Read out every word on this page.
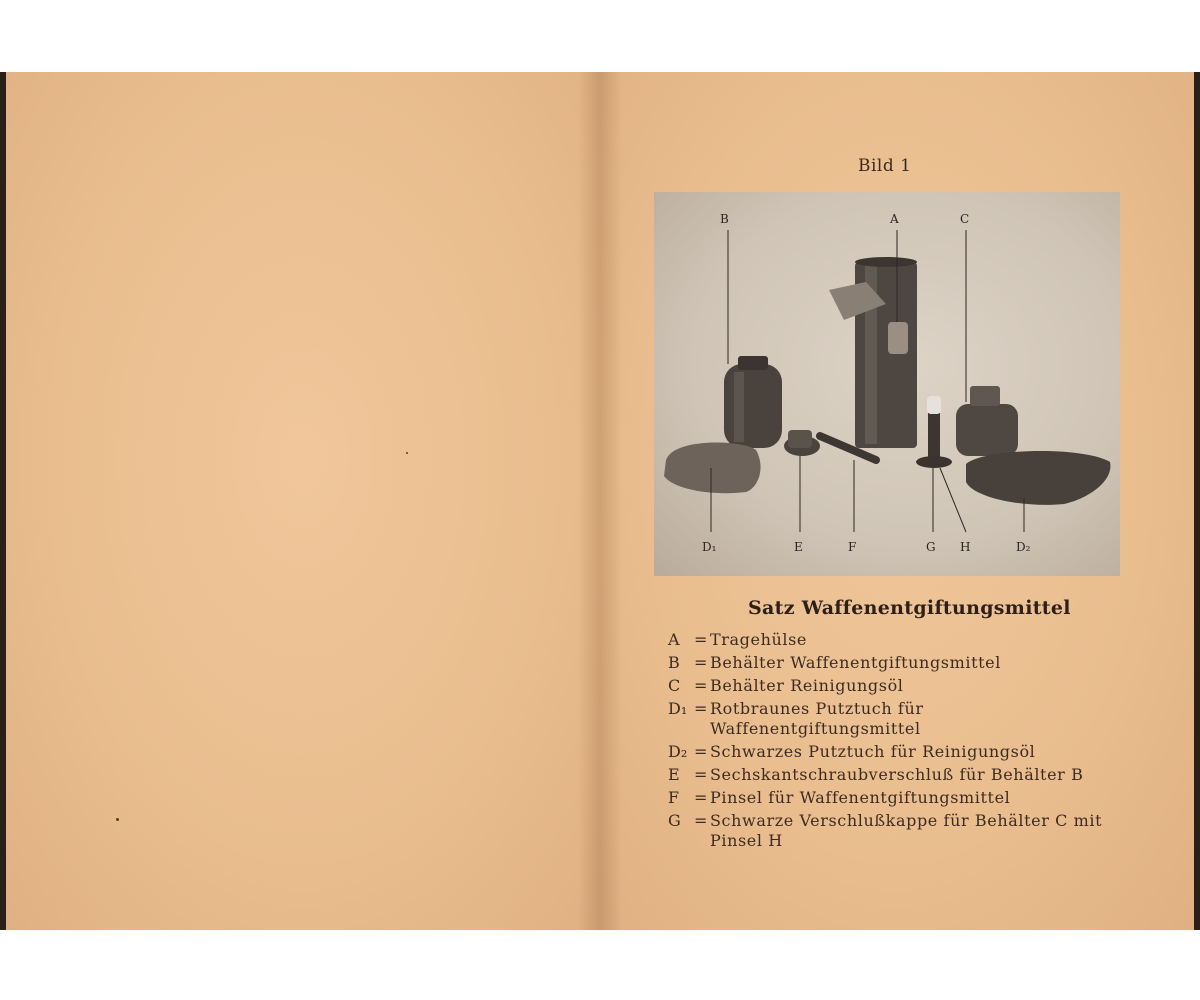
Bild 1
B	A	C
D₁	E	F	G H	D₂
Satz Waffenentgiftungsmittel
A = Tragehülse
B = Behälter Waffenentgiftungsmittel
C = Behälter Reinigungsöl
D₁ = Rotbraunes Putztuch für Waffenentgiftungsmittel
D₂ = Schwarzes Putztuch für Reinigungsöl
E = Sechskantschraubverschluß für Behälter B
F = Pinsel für Waffenentgiftungsmittel
G = Schwarze Verschlußkappe für Behälter C mit Pinsel H
